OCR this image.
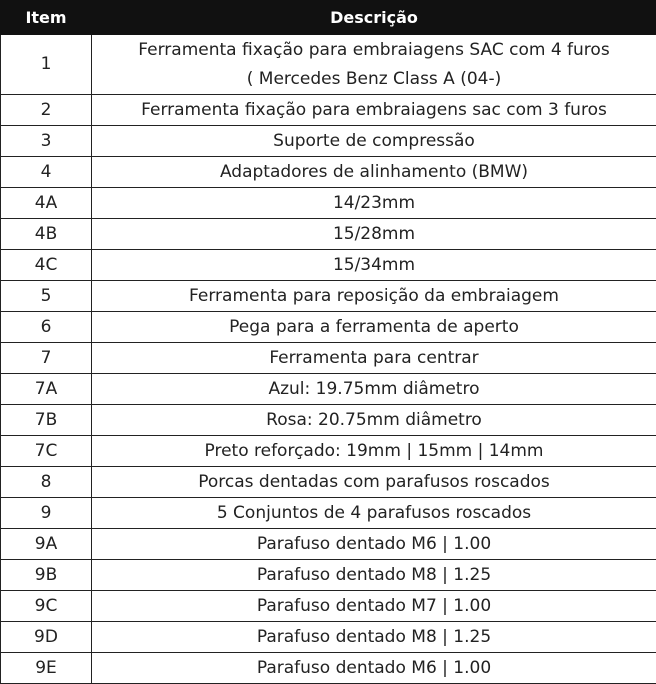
Item	Descrição
1	Ferramenta fixação para embraiagens SAC com 4 furos
( Mercedes Benz Class A (04-)

2	Ferramenta fixação para embraiagens sac com 3 furos

3	Suporte de compressão

4	Adaptadores de alinhamento (BMW)

4A	14/23mm

4B	15/28mm

4C	15/34mm

5	Ferramenta para reposição da embraiagem

6	Pega para a ferramenta de aperto

7	Ferramenta para centrar

7A	Azul: 19.75mm diâmetro

7B	Rosa: 20.75mm diâmetro

7C	Preto reforçado: 19mm | 15mm | 14mm

8	Porcas dentadas com parafusos roscados

9	5 Conjuntos de 4 parafusos roscados

9A	Parafuso dentado M6 | 1.00

9B	Parafuso dentado M8 | 1.25

9C	Parafuso dentado M7 | 1.00

9D	Parafuso dentado M8 | 1.25

9E	Parafuso dentado M6 | 1.00
